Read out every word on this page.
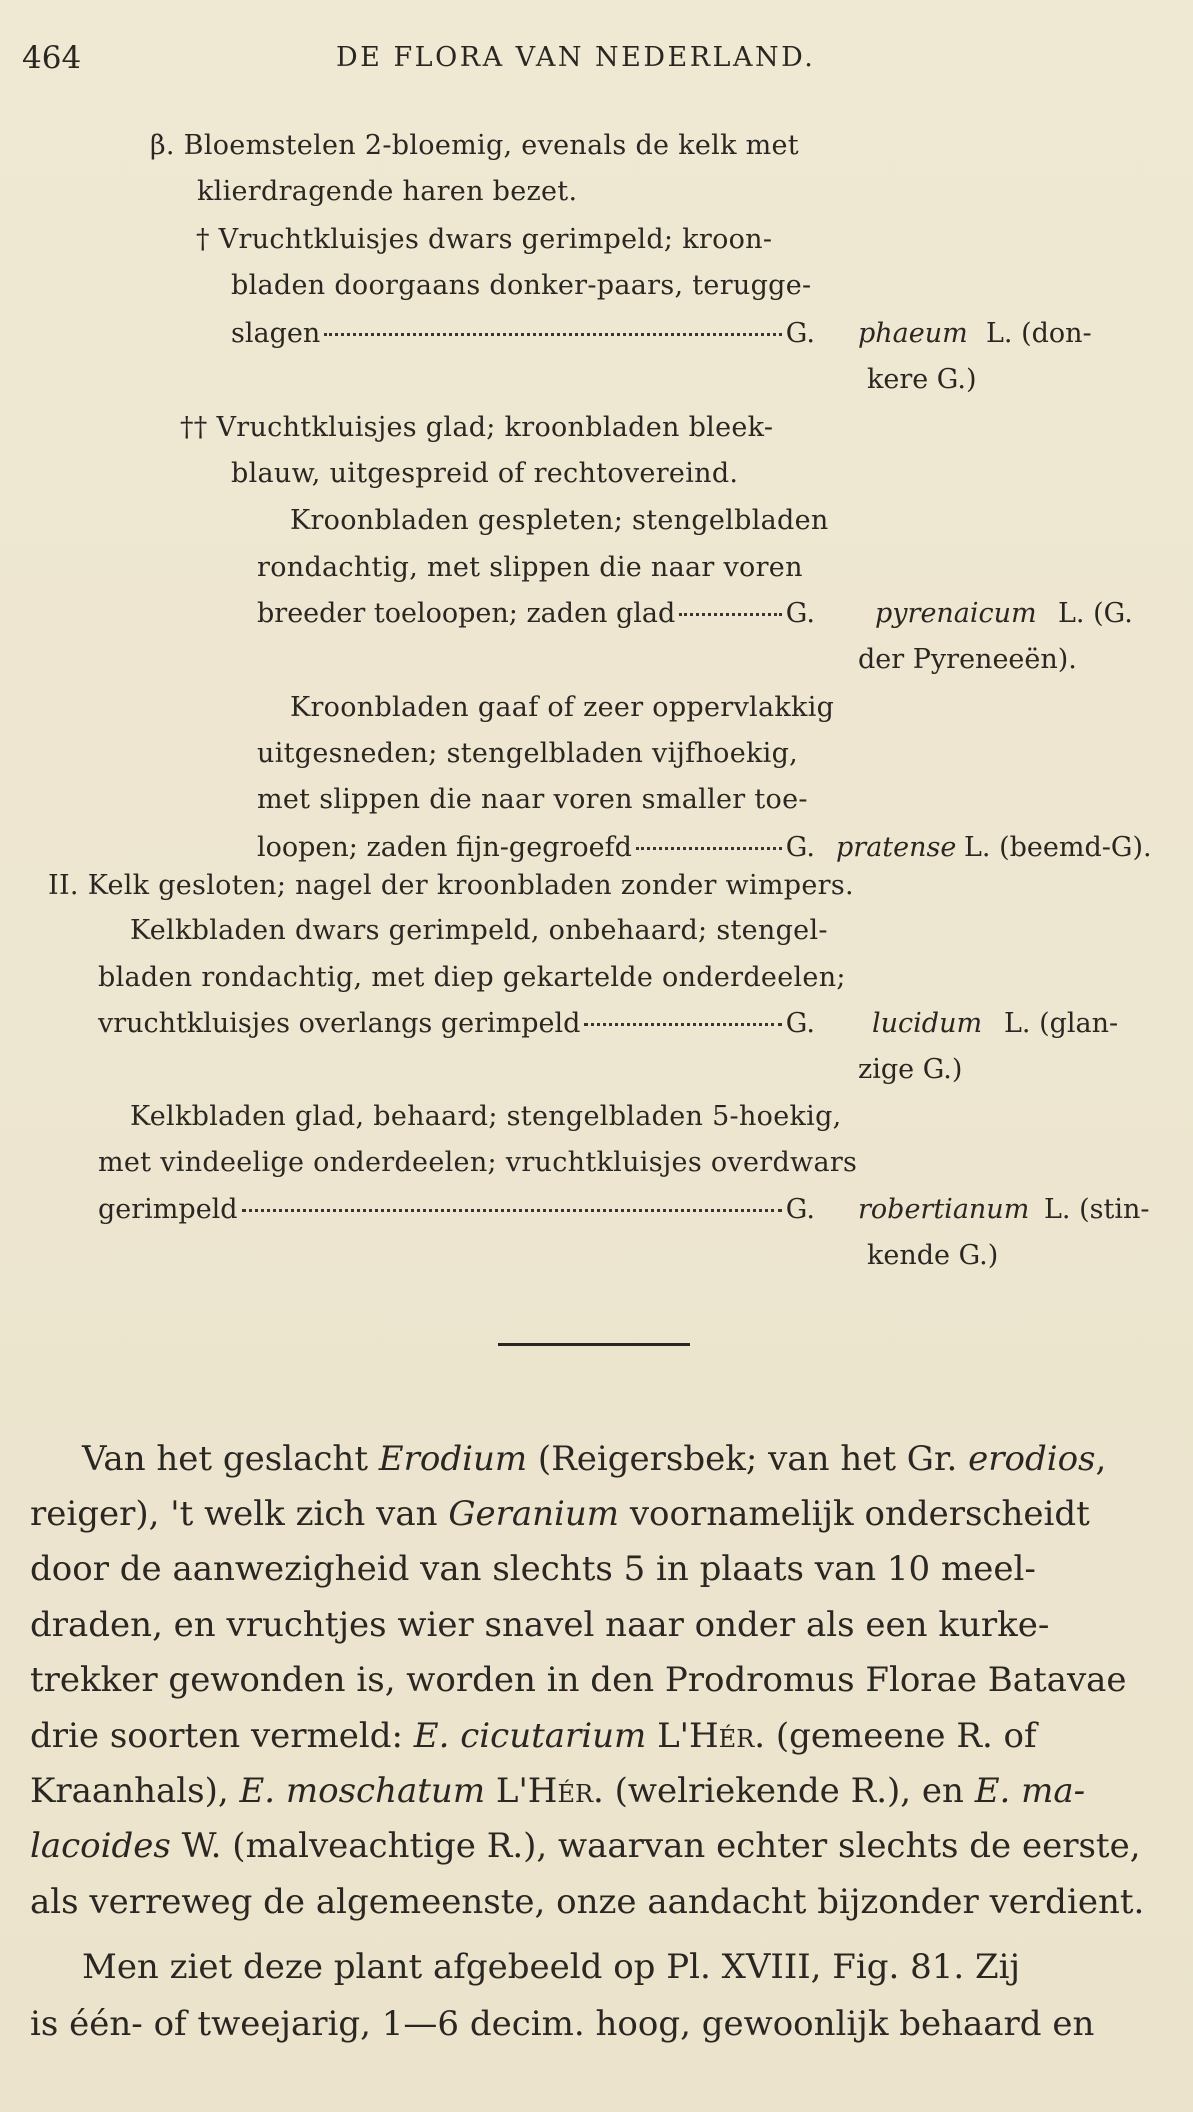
464	DE FLORA VAN NEDERLAND.
β. Bloemstelen 2-bloemig, evenals de kelk met
klierdragende haren bezet.
† Vruchtkluisjes dwars gerimpeld; kroon-
bladen doorgaans donker-paars, terugge-
slagen	G. phaeum L. (don-
kere G.)
†† Vruchtkluisjes glad; kroonbladen bleek-
blauw, uitgespreid of rechtovereind.
Kroonbladen gespleten; stengelbladen
rondachtig, met slippen die naar voren
breeder toeloopen; zaden glad	G. pyrenaicum L. (G.
der Pyreneeën).
Kroonbladen gaaf of zeer oppervlakkig
uitgesneden; stengelbladen vijfhoekig,
met slippen die naar voren smaller toe-
loopen; zaden fijn-gegroefd	G. pratense L. (beemd-G).
II. Kelk gesloten; nagel der kroonbladen zonder wimpers.
Kelkbladen dwars gerimpeld, onbehaard; stengel-
bladen rondachtig, met diep gekartelde onderdeelen;
vruchtkluisjes overlangs gerimpeld	G. lucidum L. (glan-
zige G.)
Kelkbladen glad, behaard; stengelbladen 5-hoekig,
met vindeelige onderdeelen; vruchtkluisjes overdwars
gerimpeld	G. robertianum L. (stin-
kende G.)
Van het geslacht Erodium (Reigersbek; van het Gr. erodios,
reiger), 't welk zich van Geranium voornamelijk onderscheidt
door de aanwezigheid van slechts 5 in plaats van 10 meel-
draden, en vruchtjes wier snavel naar onder als een kurke-
trekker gewonden is, worden in den Prodromus Florae Batavae
drie soorten vermeld: E. cicutarium L'Hér. (gemeene R. of
Kraanhals), E. moschatum L'Hér. (welriekende R.), en E. ma-
lacoides W. (malveachtige R.), waarvan echter slechts de eerste,
als verreweg de algemeenste, onze aandacht bijzonder verdient.
Men ziet deze plant afgebeeld op Pl. XVIII, Fig. 81. Zij
is één- of tweejarig, 1—6 decim. hoog, gewoonlijk behaard en
